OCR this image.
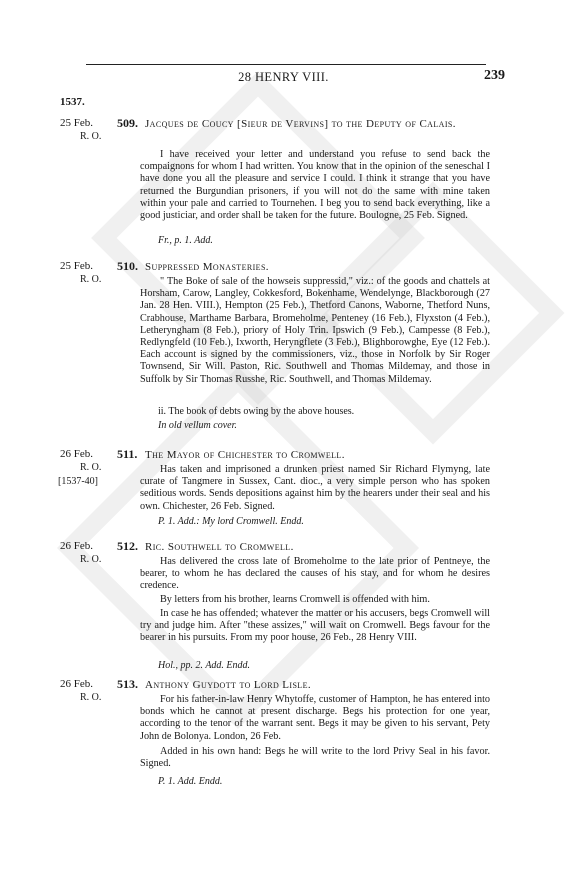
28 HENRY VIII.	239
1537.
25 Feb.
R. O.
509. Jacques de Coucy [Sieur de Vervins] to the Deputy of Calais.
I have received your letter and understand you refuse to send back the compaignons for whom I had written. You know that in the opinion of the seneschal I have done you all the pleasure and service I could. I think it strange that you have returned the Burgundian prisoners, if you will not do the same with mine taken within your pale and carried to Tournehen. I beg you to send back everything, like a good justiciar, and order shall be taken for the future. Boulogne, 25 Feb. Signed.
Fr., p. 1. Add.
25 Feb.
R. O.
510. Suppressed Monasteries.
" The Boke of sale of the howseis suppressid," viz.: of the goods and chattels at Horsham, Carow, Langley, Cokkesford, Bokenhame, Wendelynge, Blackborough (27 Jan. 28 Hen. VIII.), Hempton (25 Feb.), Thetford Canons, Waborne, Thetford Nuns, Crabhouse, Marthame Barbara, Bromeholme, Penteney (16 Feb.), Flyxston (4 Feb.), Letheryngham (8 Feb.), priory of Holy Trin. Ipswich (9 Feb.), Campesse (8 Feb.), Redlyngfeld (10 Feb.), Ixworth, Heryngflete (3 Feb.), Blighborowghe, Eye (12 Feb.). Each account is signed by the commissioners, viz., those in Norfolk by Sir Roger Townsend, Sir Will. Paston, Ric. Southwell and Thomas Mildemay, and those in Suffolk by Sir Thomas Russhe, Ric. Southwell, and Thomas Mildemay.
ii. The book of debts owing by the above houses.
In old vellum cover.
26 Feb.
R. O.
[1537-40]
511. The Mayor of Chichester to Cromwell.
Has taken and imprisoned a drunken priest named Sir Richard Flymyng, late curate of Tangmere in Sussex, Cant. dioc., a very simple person who has spoken seditious words. Sends depositions against him by the hearers under their seal and his own. Chichester, 26 Feb. Signed.
P. 1. Add.: My lord Cromwell. Endd.
26 Feb.
R. O.
512. Ric. Southwell to Cromwell.
Has delivered the cross late of Bromeholme to the late prior of Pentneye, the bearer, to whom he has declared the causes of his stay, and for whom he desires credence.
By letters from his brother, learns Cromwell is offended with him.
In case he has offended; whatever the matter or his accusers, begs Cromwell will try and judge him. After "these assizes," will wait on Cromwell. Begs favour for the bearer in his pursuits. From my poor house, 26 Feb., 28 Henry VIII.
Hol., pp. 2. Add. Endd.
26 Feb.
R. O.
513. Anthony Guydott to Lord Lisle.
For his father-in-law Henry Whytoffe, customer of Hampton, he has entered into bonds which he cannot at present discharge. Begs his protection for one year, according to the tenor of the warrant sent. Begs it may be given to his servant, Pety John de Bolonya. London, 26 Feb.
Added in his own hand: Begs he will write to the lord Privy Seal in his favor. Signed.
P. 1. Add. Endd.
